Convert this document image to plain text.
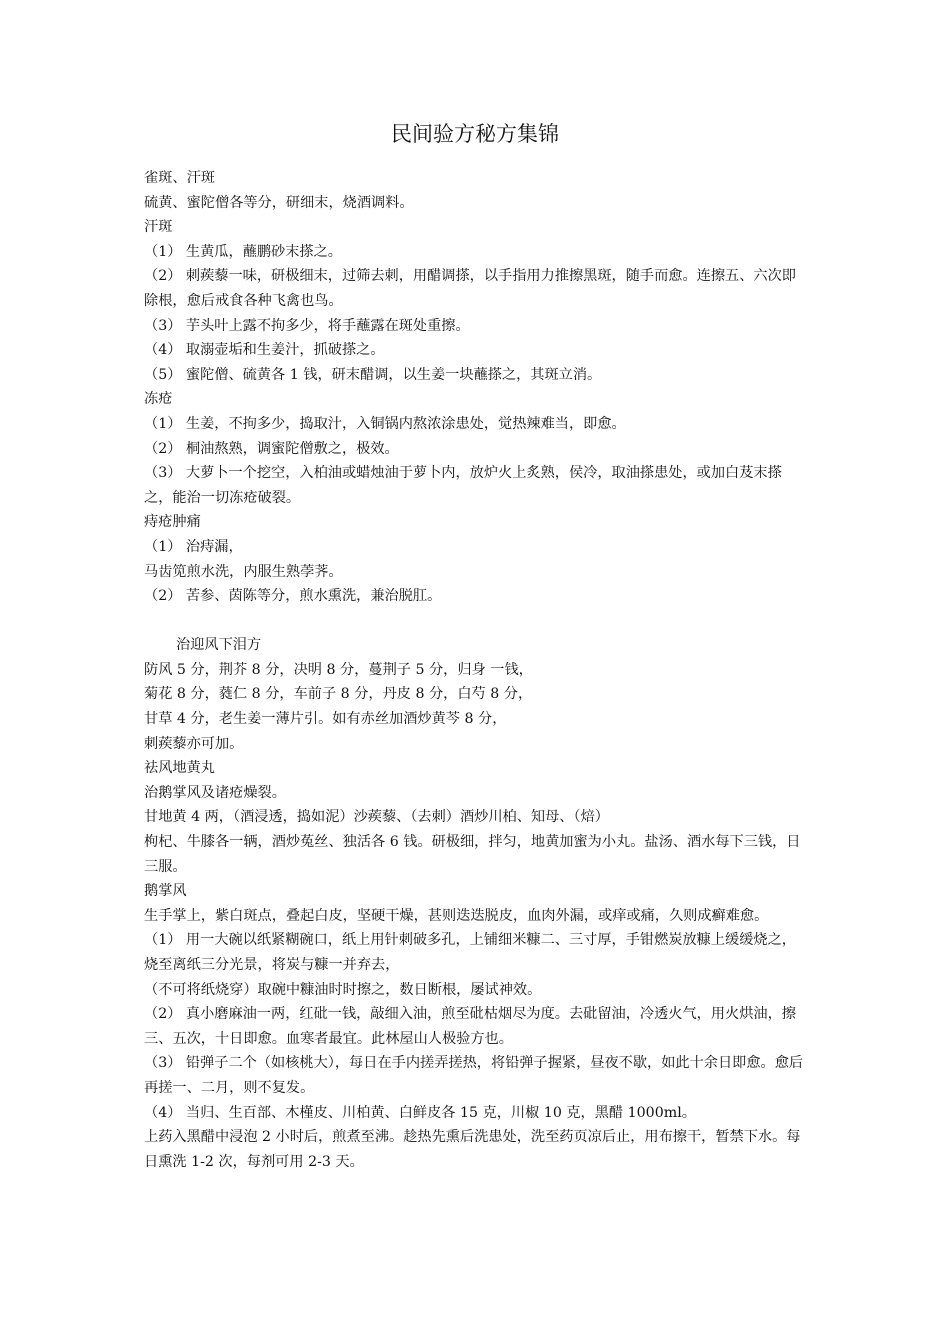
民间验方秘方集锦

雀斑、汗斑

硫黄、蜜陀僧各等分，研细末，烧酒调料。

汗斑

（1） 生黄瓜，蘸鹏砂末搽之。

（2） 刺蒺藜一味，研极细末，过筛去刺，用醋调搽，以手指用力推擦黑斑，随手而愈。连擦五、六次即除根，愈后戒食各种飞禽也鸟。

（3） 芋头叶上露不拘多少，将手蘸露在斑处重擦。

（4） 取溺壶垢和生姜汁，抓破搽之。

（5） 蜜陀僧、硫黄各 1 钱，研末醋调，以生姜一块蘸搽之，其斑立消。

冻疮

（1） 生姜，不拘多少，捣取汁，入铜锅内熬浓涂患处，觉热辣难当，即愈。

（2） 桐油熬熟，调蜜陀僧敷之，极效。

（3） 大萝卜一个挖空，入柏油或蜡烛油于萝卜内，放炉火上炙熟，侯冷，取油搽患处，或加白芨末搽之，能治一切冻疮破裂。

痔疮肿痛

（1） 治痔漏，

马齿笕煎水洗，内服生熟荸荠。

（2） 苦参、茵陈等分，煎水熏洗，兼治脱肛。

治迎风下泪方

防风 5 分，荆芥 8 分，决明 8 分，蔓荆子 5 分，归身 一钱，

菊花 8 分，蕤仁 8 分，车前子 8 分，丹皮 8 分，白芍 8 分，

甘草 4 分，老生姜一薄片引。如有赤丝加酒炒黄芩 8 分，

刺蒺藜亦可加。

祛风地黄丸

治鹅掌风及诸疮燥裂。

甘地黄 4 两，（酒浸透，捣如泥）沙蒺藜、（去刺）酒炒川柏、知母、（焙）

枸杞、牛膝各一辆，酒炒菟丝、独活各 6 钱。研极细，拌匀，地黄加蜜为小丸。盐汤、酒水每下三钱，日三服。

鹅掌风

生手掌上，紫白斑点，叠起白皮，坚硬干燥，甚则迭迭脱皮，血肉外漏，或痒或痛，久则成癣难愈。

（1） 用一大碗以纸紧糊碗口，纸上用针刺破多孔，上铺细米糠二、三寸厚，手钳燃炭放糠上缓缓烧之，烧至离纸三分光景，将炭与糠一并弃去，

（不可将纸烧穿）取碗中糠油时时擦之，数日断根，屡试神效。

（2） 真小磨麻油一两，红砒一钱，敲细入油，煎至砒枯烟尽为度。去砒留油，冷透火气，用火烘油，擦三、五次，十日即愈。血寒者最宜。此林屋山人极验方也。

（3） 铅弹子二个（如核桃大），每日在手内搓弄搓热，将铅弹子握紧，昼夜不歇，如此十余日即愈。愈后再搓一、二月，则不复发。

（4） 当归、生百部、木槿皮、川柏黄、白鲜皮各 15 克，川椒 10 克，黑醋 1000ml。

上药入黑醋中浸泡 2 小时后，煎煮至沸。趁热先熏后洗患处，洗至药页凉后止，用布擦干，暂禁下水。每日熏洗 1-2 次，每剂可用 2-3 天。
